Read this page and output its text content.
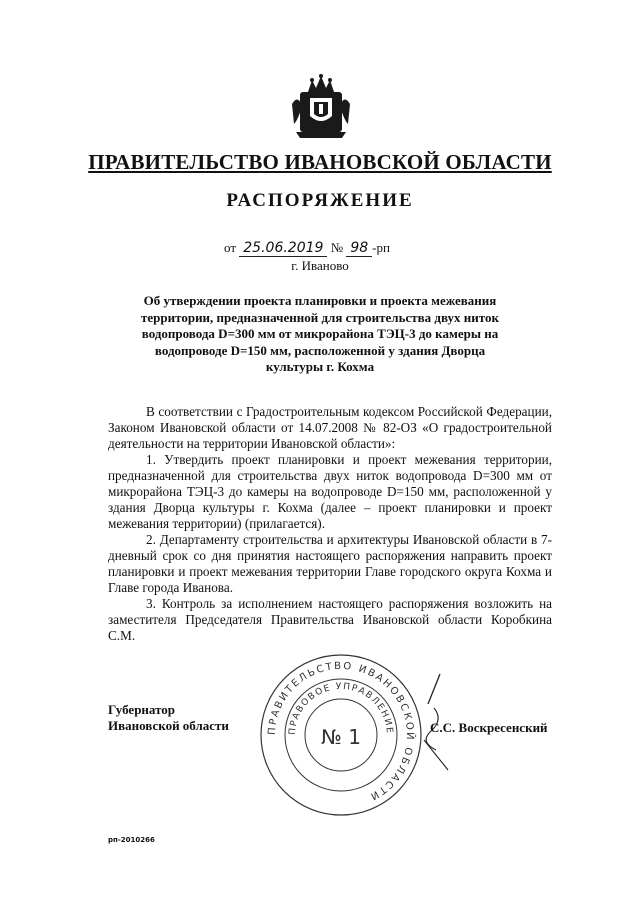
ПРАВИТЕЛЬСТВО ИВАНОВСКОЙ ОБЛАСТИ
РАСПОРЯЖЕНИЕ
от 25.06.2019 № 98 -рп
г. Иваново
Об утверждении проекта планировки и проекта межевания территории, предназначенной для строительства двух ниток водопровода D=300 мм от микрорайона ТЭЦ-3 до камеры на водопроводе D=150 мм, расположенной у здания Дворца культуры г. Кохма

В соответствии с Градостроительным кодексом Российской Федерации, Законом Ивановской области от 14.07.2008 № 82-ОЗ «О градостроительной деятельности на территории Ивановской области»:

1. Утвердить проект планировки и проект межевания территории, предназначенной для строительства двух ниток водопровода D=300 мм от микрорайона ТЭЦ-3 до камеры на водопроводе D=150 мм, расположенной у здания Дворца культуры г. Кохма (далее – проект планировки и проект межевания территории) (прилагается).

2. Департаменту строительства и архитектуры Ивановской области в 7-дневный срок со дня принятия настоящего распоряжения направить проект планировки и проект межевания территории Главе городского округа Кохма и Главе города Иванова.

3. Контроль за исполнением настоящего распоряжения возложить на заместителя Председателя Правительства Ивановской области Коробкина С.М.

ПРАВИТЕЛЬСТВО ИВАНОВСКОЙ ОБЛАСТИ
ПРАВОВОЕ УПРАВЛЕНИЕ
№ 1
Губернатор
Ивановской области	С.С. Воскресенский
рп-2010266
